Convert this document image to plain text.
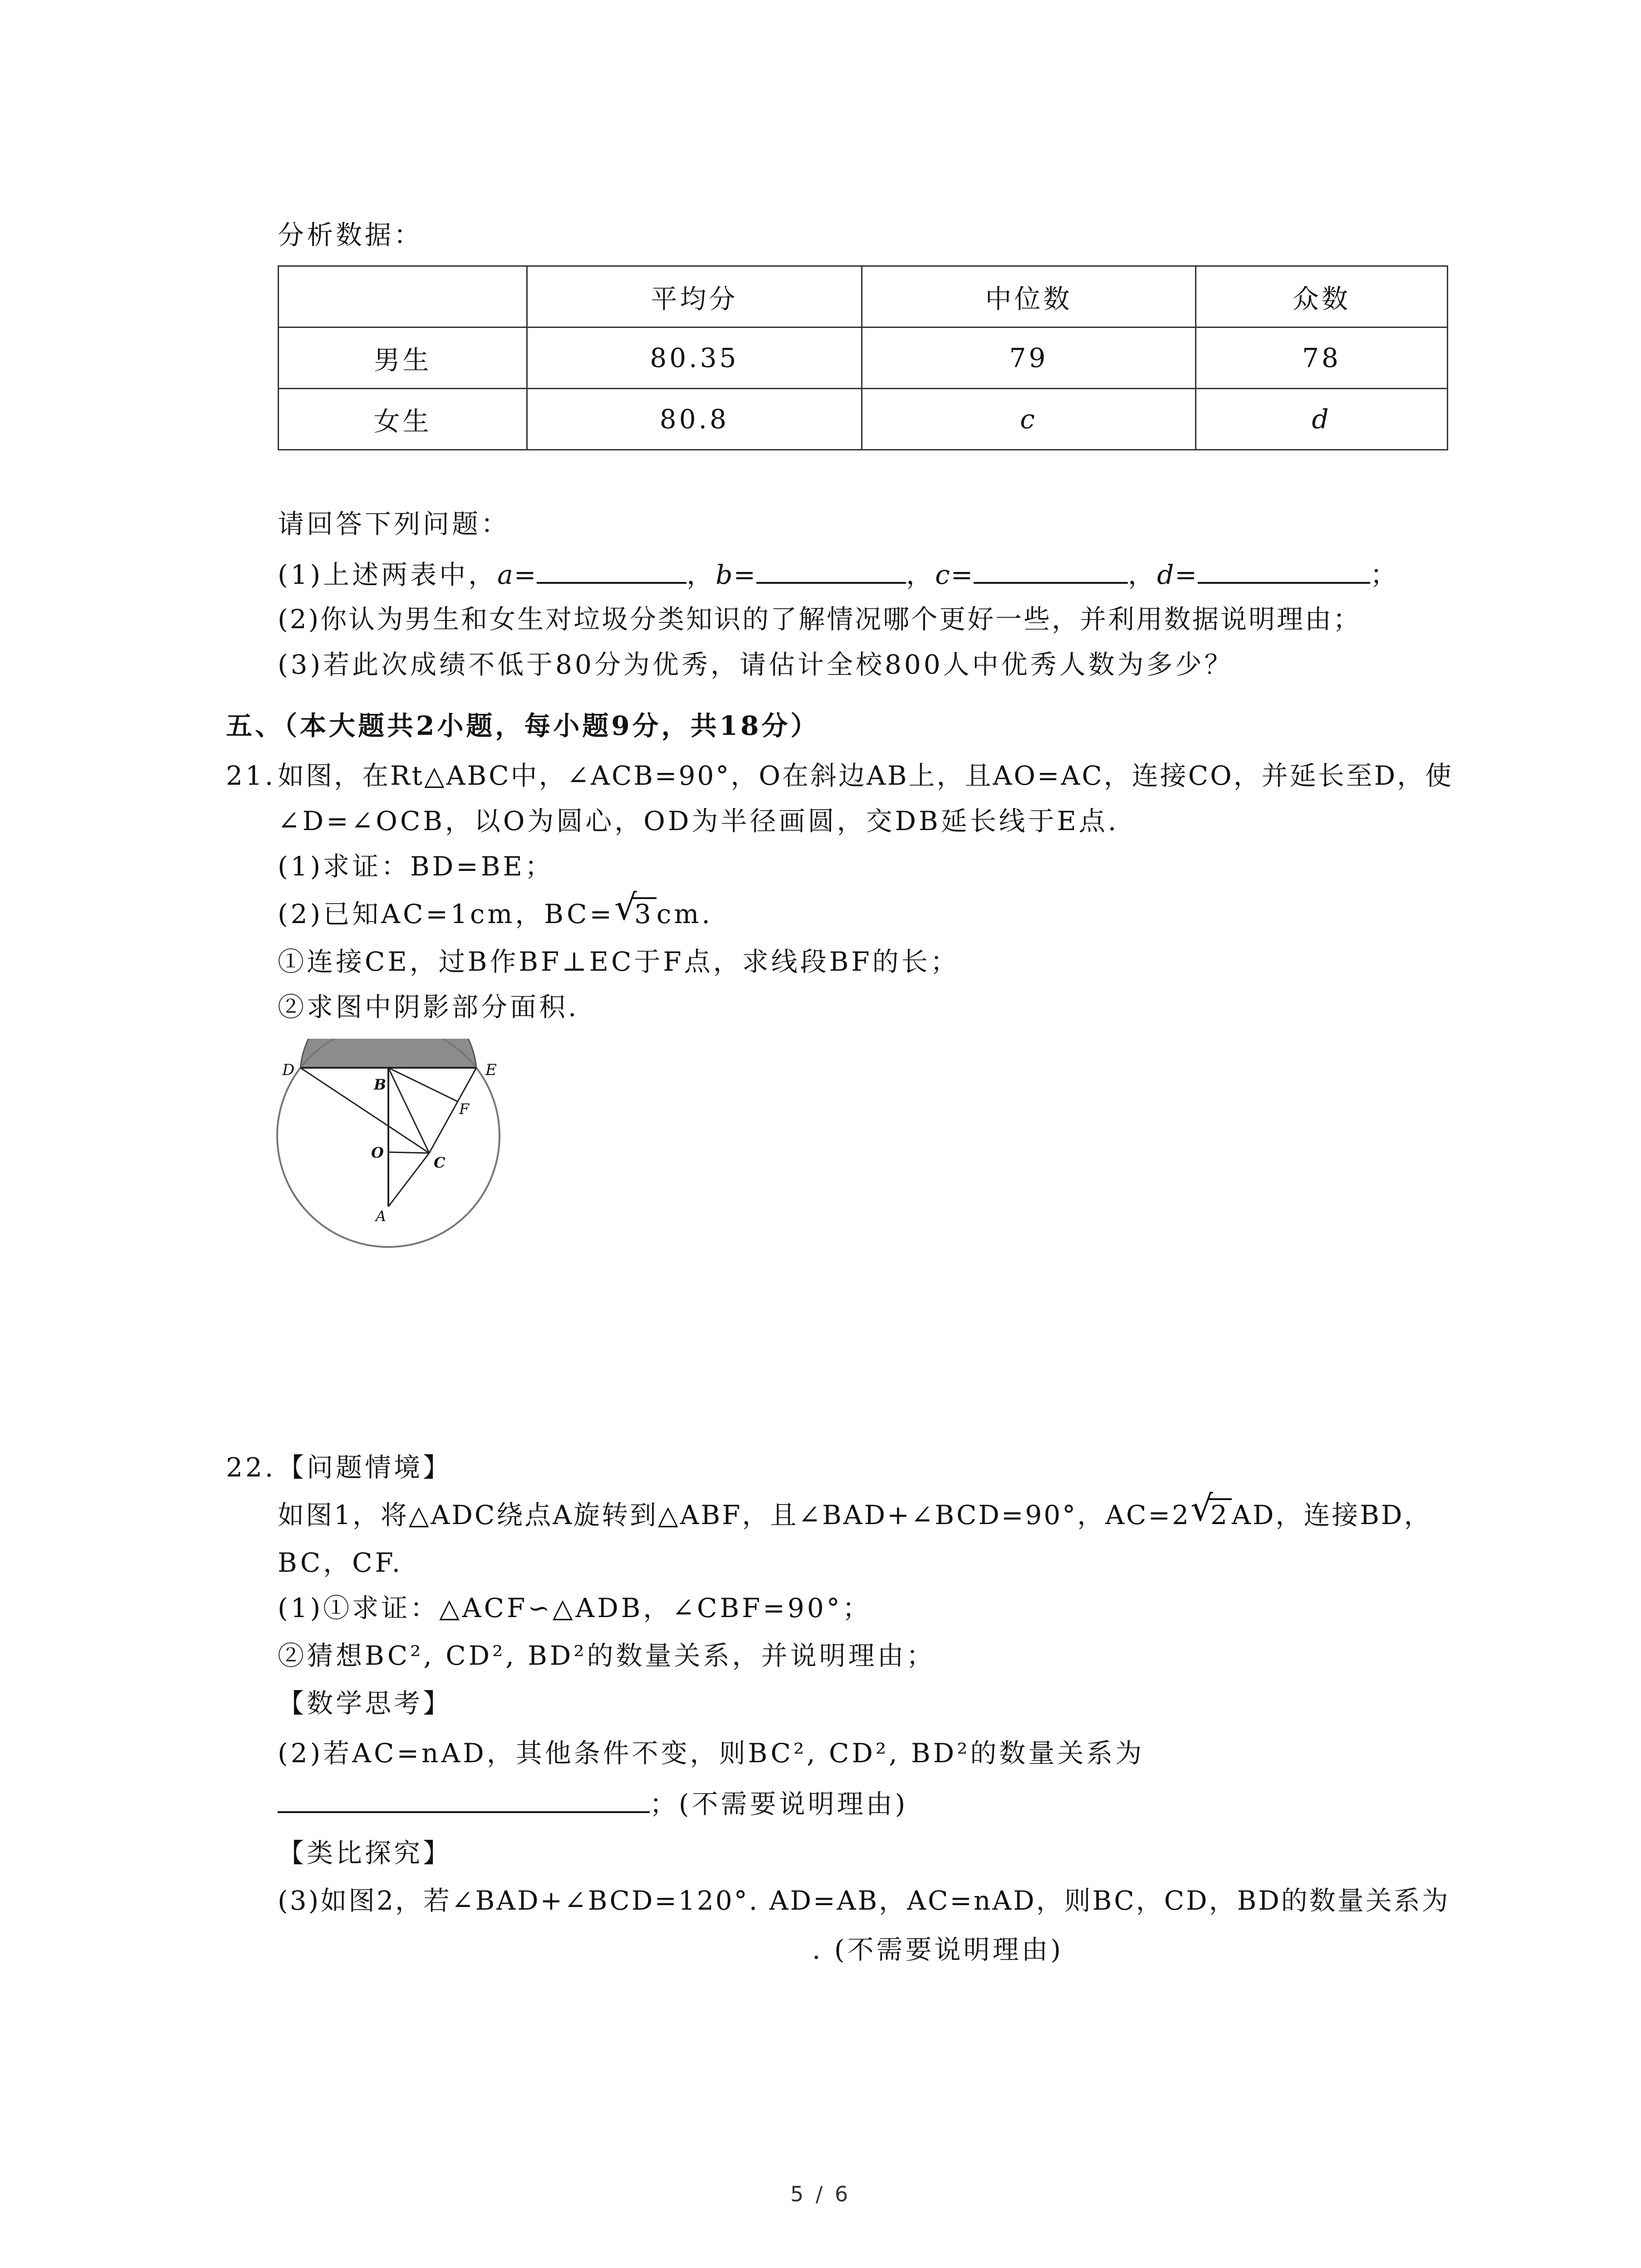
分析数据：
	平均分	中位数	众数
男生	80.35	79	78
女生	80.8	c	d
请回答下列问题：
(1)上述两表中，a=	，b=	，c=	，d=	；
(2)你认为男生和女生对垃圾分类知识的了解情况哪个更好一些，并利用数据说明理由；
(3)若此次成绩不低于80分为优秀，请估计全校800人中优秀人数为多少？
五、（本大题共2小题，每小题9分，共18分）
21. 如图，在Rt△ABC中，∠ACB=90°，O在斜边AB上，且AO=AC，连接CO，并延长至D，使
∠D=∠OCB，以O为圆心，OD为半径画圆，交DB延长线于E点.
(1)求证：BD=BE；
(2)已知AC=1cm，BC= √
3 cm.
①连接CE，过B作BF⊥EC于F点，求线段BF的长；
②求图中阴影部分面积.
D	E
B
O
F
C
A
22. 【问题情境】
如图1，将△ADC绕点A旋转到△ABF，且∠BAD+∠BCD=90°，AC=2 √
2 AD，连接BD，
BC，CF.
(1)①求证：△ACF∽△ADB，∠CBF=90°；
②猜想BC², CD², BD²的数量关系，并说明理由；
【数学思考】
(2)若AC=nAD，其他条件不变，则BC², CD², BD²的数量关系为
；(不需要说明理由)
【类比探究】
(3)如图2，若∠BAD+∠BCD=120°. AD=AB，AC=nAD，则BC，CD，BD的数量关系为
. (不需要说明理由)
5 / 6
